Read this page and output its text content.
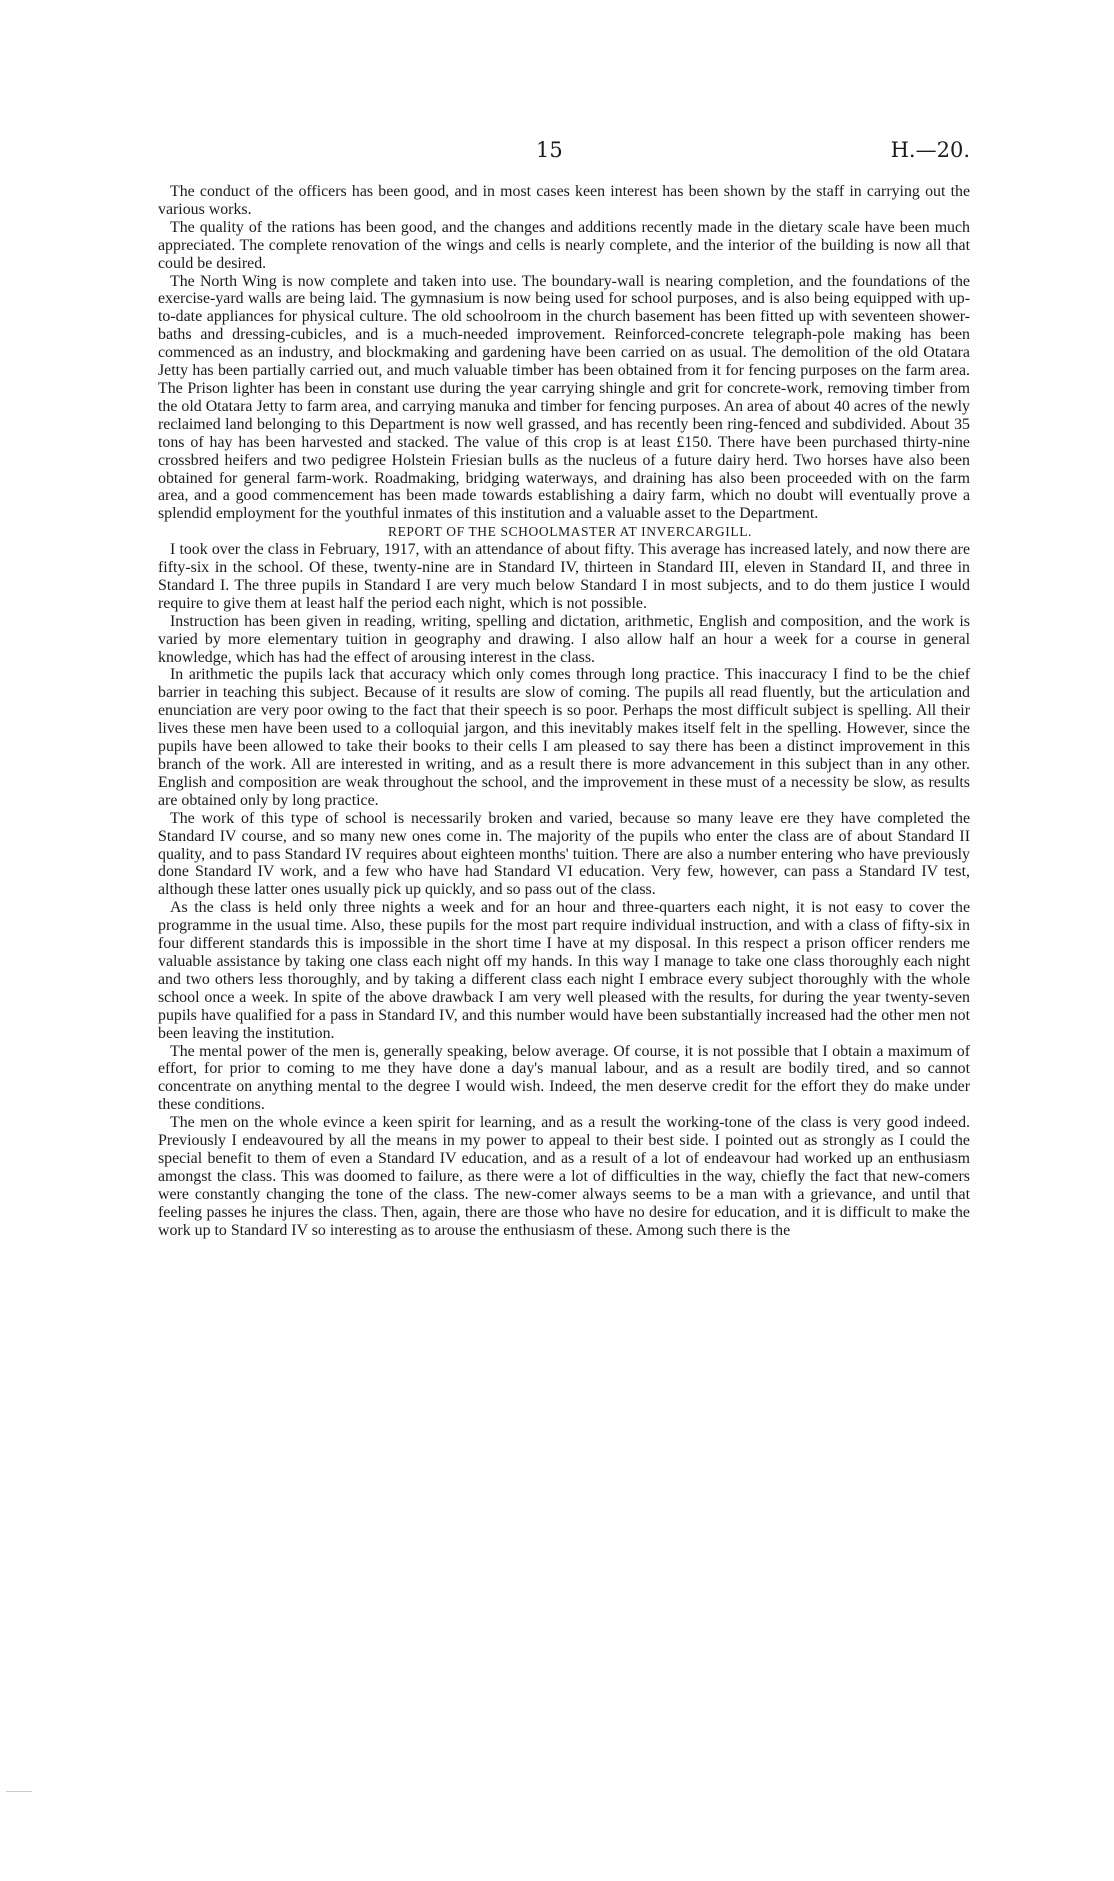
15	H.—20.

The conduct of the officers has been good, and in most cases keen interest has been shown by the staff in carrying out the various works.

The quality of the rations has been good, and the changes and additions recently made in the dietary scale have been much appreciated. The complete renovation of the wings and cells is nearly complete, and the interior of the building is now all that could be desired.

The North Wing is now complete and taken into use. The boundary-wall is nearing completion, and the foundations of the exercise-yard walls are being laid. The gymnasium is now being used for school purposes, and is also being equipped with up-to-date appliances for physical culture. The old schoolroom in the church basement has been fitted up with seventeen shower-baths and dressing-cubicles, and is a much-needed improvement. Reinforced-concrete telegraph-pole making has been commenced as an industry, and blockmaking and gardening have been carried on as usual. The demolition of the old Otatara Jetty has been partially carried out, and much valuable timber has been obtained from it for fencing purposes on the farm area. The Prison lighter has been in constant use during the year carrying shingle and grit for concrete-work, removing timber from the old Otatara Jetty to farm area, and carrying manuka and timber for fencing purposes. An area of about 40 acres of the newly reclaimed land belonging to this Department is now well grassed, and has recently been ring-fenced and subdivided. About 35 tons of hay has been harvested and stacked. The value of this crop is at least £150. There have been purchased thirty-nine crossbred heifers and two pedigree Holstein Friesian bulls as the nucleus of a future dairy herd. Two horses have also been obtained for general farm-work. Roadmaking, bridging waterways, and draining has also been proceeded with on the farm area, and a good commencement has been made towards establishing a dairy farm, which no doubt will eventually prove a splendid employment for the youthful inmates of this institution and a valuable asset to the Department.

REPORT OF THE SCHOOLMASTER AT INVERCARGILL.

I took over the class in February, 1917, with an attendance of about fifty. This average has increased lately, and now there are fifty-six in the school. Of these, twenty-nine are in Standard IV, thirteen in Standard III, eleven in Standard II, and three in Standard I. The three pupils in Standard I are very much below Standard I in most subjects, and to do them justice I would require to give them at least half the period each night, which is not possible.

Instruction has been given in reading, writing, spelling and dictation, arithmetic, English and composition, and the work is varied by more elementary tuition in geography and drawing. I also allow half an hour a week for a course in general knowledge, which has had the effect of arousing interest in the class.

In arithmetic the pupils lack that accuracy which only comes through long practice. This inaccuracy I find to be the chief barrier in teaching this subject. Because of it results are slow of coming. The pupils all read fluently, but the articulation and enunciation are very poor owing to the fact that their speech is so poor. Perhaps the most difficult subject is spelling. All their lives these men have been used to a colloquial jargon, and this inevitably makes itself felt in the spelling. However, since the pupils have been allowed to take their books to their cells I am pleased to say there has been a distinct improvement in this branch of the work. All are interested in writing, and as a result there is more advancement in this subject than in any other. English and composition are weak throughout the school, and the improvement in these must of a necessity be slow, as results are obtained only by long practice.

The work of this type of school is necessarily broken and varied, because so many leave ere they have completed the Standard IV course, and so many new ones come in. The majority of the pupils who enter the class are of about Standard II quality, and to pass Standard IV requires about eighteen months' tuition. There are also a number entering who have previously done Standard IV work, and a few who have had Standard VI education. Very few, however, can pass a Standard IV test, although these latter ones usually pick up quickly, and so pass out of the class.

As the class is held only three nights a week and for an hour and three-quarters each night, it is not easy to cover the programme in the usual time. Also, these pupils for the most part require individual instruction, and with a class of fifty-six in four different standards this is impossible in the short time I have at my disposal. In this respect a prison officer renders me valuable assistance by taking one class each night off my hands. In this way I manage to take one class thoroughly each night and two others less thoroughly, and by taking a different class each night I embrace every subject thoroughly with the whole school once a week. In spite of the above drawback I am very well pleased with the results, for during the year twenty-seven pupils have qualified for a pass in Standard IV, and this number would have been substantially increased had the other men not been leaving the institution.

The mental power of the men is, generally speaking, below average. Of course, it is not possible that I obtain a maximum of effort, for prior to coming to me they have done a day's manual labour, and as a result are bodily tired, and so cannot concentrate on anything mental to the degree I would wish. Indeed, the men deserve credit for the effort they do make under these conditions.

The men on the whole evince a keen spirit for learning, and as a result the working-tone of the class is very good indeed. Previously I endeavoured by all the means in my power to appeal to their best side. I pointed out as strongly as I could the special benefit to them of even a Standard IV education, and as a result of a lot of endeavour had worked up an enthusiasm amongst the class. This was doomed to failure, as there were a lot of difficulties in the way, chiefly the fact that new-comers were constantly changing the tone of the class. The new-comer always seems to be a man with a grievance, and until that feeling passes he injures the class. Then, again, there are those who have no desire for education, and it is difficult to make the work up to Standard IV so interesting as to arouse the enthusiasm of these. Among such there is the
